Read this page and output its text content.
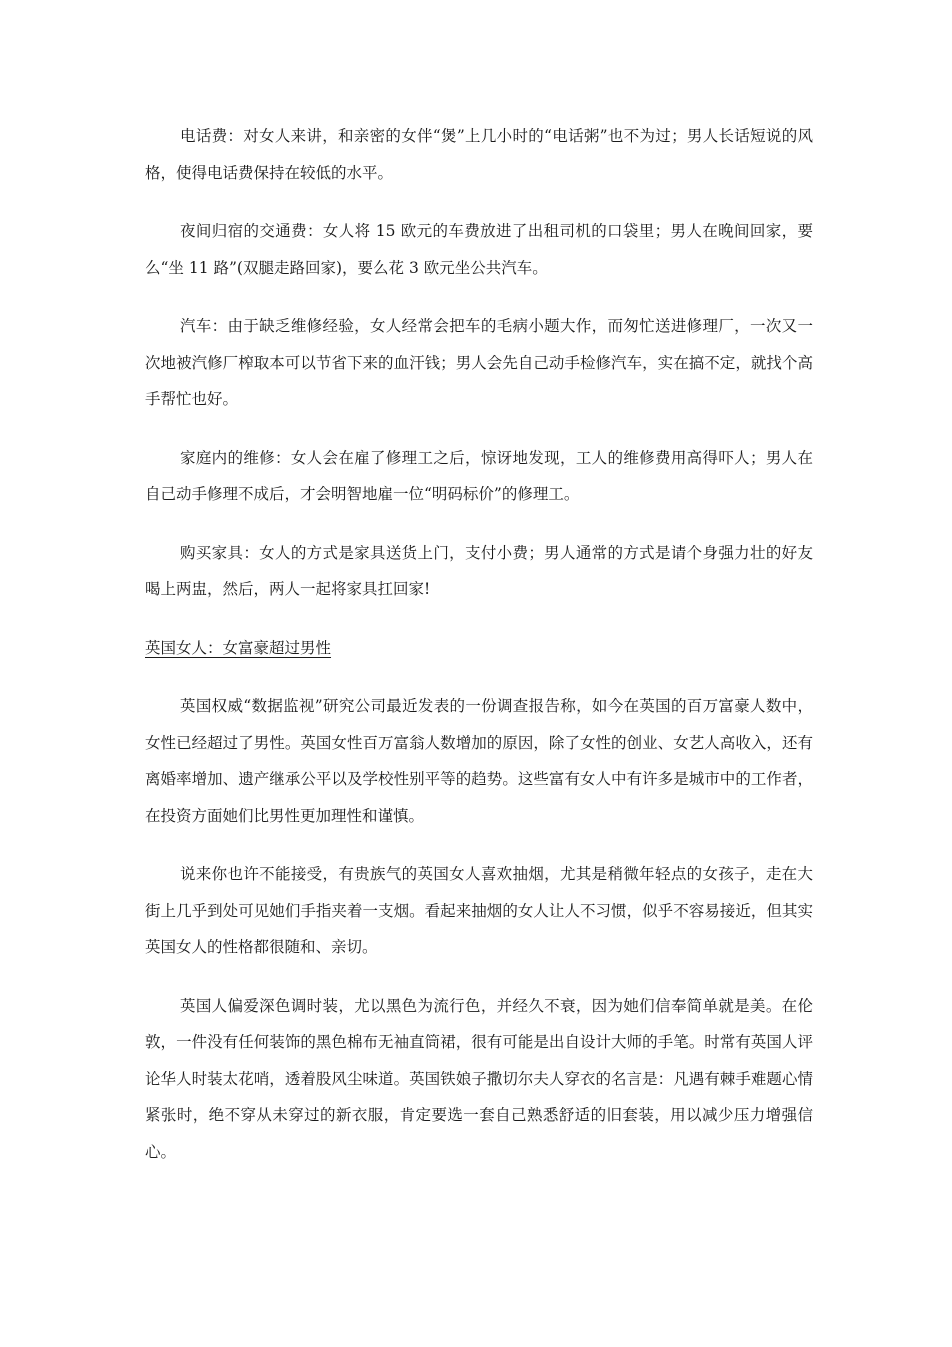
电话费：对女人来讲，和亲密的女伴“煲”上几小时的“电话粥”也不为过；男人长话短说的风格，使得电话费保持在较低的水平。

夜间归宿的交通费：女人将 15 欧元的车费放进了出租司机的口袋里；男人在晚间回家，要么“坐 11 路”(双腿走路回家)，要么花 3 欧元坐公共汽车。

汽车：由于缺乏维修经验，女人经常会把车的毛病小题大作，而匆忙送进修理厂，一次又一次地被汽修厂榨取本可以节省下来的血汗钱；男人会先自己动手检修汽车，实在搞不定，就找个高手帮忙也好。

家庭内的维修：女人会在雇了修理工之后，惊讶地发现，工人的维修费用高得吓人；男人在自己动手修理不成后，才会明智地雇一位“明码标价”的修理工。

购买家具：女人的方式是家具送货上门，支付小费；男人通常的方式是请个身强力壮的好友喝上两盅，然后，两人一起将家具扛回家!

英国女人：女富豪超过男性

英国权威“数据监视”研究公司最近发表的一份调查报告称，如今在英国的百万富豪人数中，女性已经超过了男性。英国女性百万富翁人数增加的原因，除了女性的创业、女艺人高收入，还有离婚率增加、遗产继承公平以及学校性别平等的趋势。这些富有女人中有许多是城市中的工作者，在投资方面她们比男性更加理性和谨慎。

说来你也许不能接受，有贵族气的英国女人喜欢抽烟，尤其是稍微年轻点的女孩子，走在大街上几乎到处可见她们手指夹着一支烟。看起来抽烟的女人让人不习惯，似乎不容易接近，但其实英国女人的性格都很随和、亲切。

英国人偏爱深色调时装，尤以黑色为流行色，并经久不衰，因为她们信奉简单就是美。在伦敦，一件没有任何装饰的黑色棉布无袖直筒裙，很有可能是出自设计大师的手笔。时常有英国人评论华人时装太花哨，透着股风尘味道。英国铁娘子撒切尔夫人穿衣的名言是：凡遇有棘手难题心情紧张时，绝不穿从未穿过的新衣服，肯定要选一套自己熟悉舒适的旧套装，用以减少压力增强信心。
